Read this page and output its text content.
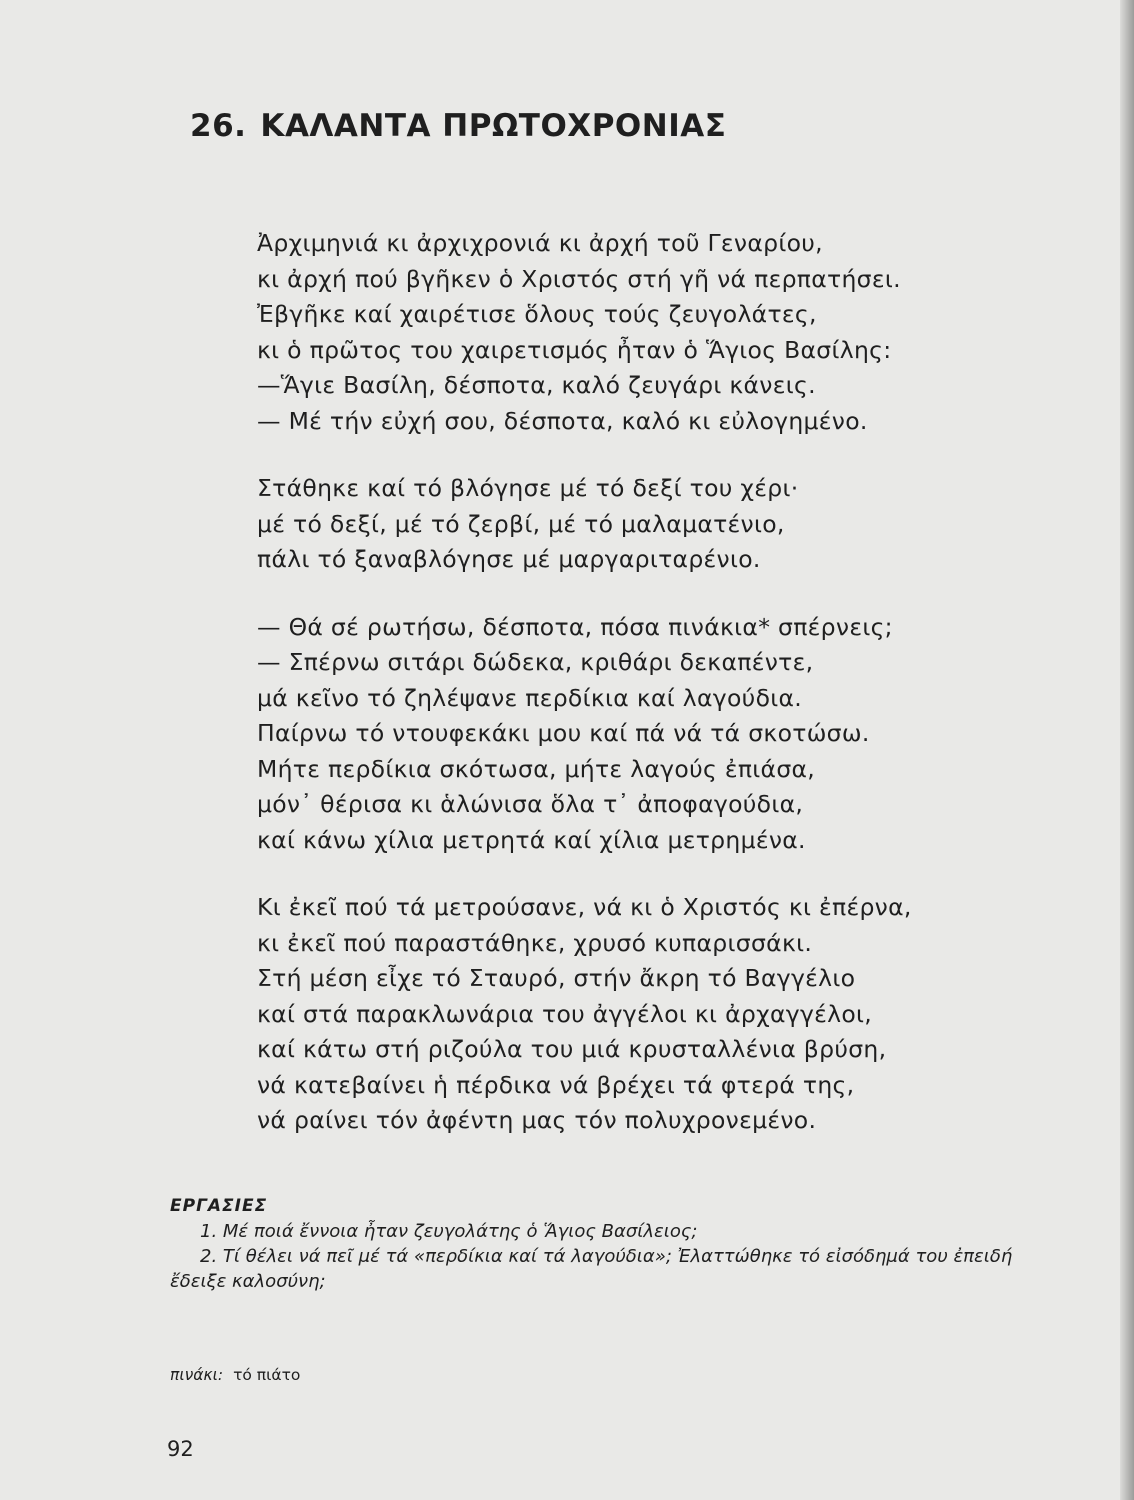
26. ΚΑΛΑΝΤΑ ΠΡΩΤΟΧΡΟΝΙΑΣ
Ἀρχιμηνιά κι ἀρχιχρονιά κι ἀρχή τοῦ Γεναρίου,
κι ἀρχή πού βγῆκεν ὁ Χριστός στή γῆ νά περπατήσει.
Ἐβγῆκε καί χαιρέτισε ὅλους τούς ζευγολάτες,
κι ὁ πρῶτος του χαιρετισμός ἦταν ὁ Ἅγιος Βασίλης:
—Ἅγιε Βασίλη, δέσποτα, καλό ζευγάρι κάνεις.
— Μέ τήν εὐχή σου, δέσποτα, καλό κι εὐλογημένο.
Στάθηκε καί τό βλόγησε μέ τό δεξί του χέρι·
μέ τό δεξί, μέ τό ζερβί, μέ τό μαλαματένιο,
πάλι τό ξαναβλόγησε μέ μαργαριταρένιο.
— Θά σέ ρωτήσω, δέσποτα, πόσα πινάκια* σπέρνεις;
— Σπέρνω σιτάρι δώδεκα, κριθάρι δεκαπέντε,
μά κεῖνο τό ζηλέψανε περδίκια καί λαγούδια.
Παίρνω τό ντουφεκάκι μου καί πά νά τά σκοτώσω.
Μήτε περδίκια σκότωσα, μήτε λαγούς ἐπιάσα,
μόν᾿ θέρισα κι ἁλώνισα ὅλα τ᾿ ἀποφαγούδια,
καί κάνω χίλια μετρητά καί χίλια μετρημένα.
Κι ἐκεῖ πού τά μετρούσανε, νά κι ὁ Χριστός κι ἐπέρνα,
κι ἐκεῖ πού παραστάθηκε, χρυσό κυπαρισσάκι.
Στή μέση εἶχε τό Σταυρό, στήν ἄκρη τό Βαγγέλιο
καί στά παρακλωνάρια του ἀγγέλοι κι ἀρχαγγέλοι,
καί κάτω στή ριζούλα του μιά κρυσταλλένια βρύση,
νά κατεβαίνει ἡ πέρδικα νά βρέχει τά φτερά της,
νά ραίνει τόν ἀφέντη μας τόν πολυχρονεμένο.
ΕΡΓΑΣΙΕΣ
1. Μέ ποιά ἔννοια ἦταν ζευγολάτης ὁ Ἅγιος Βασίλειος;
2. Τί θέλει νά πεῖ μέ τά «περδίκια καί τά λαγούδια»; Ἐλαττώθηκε τό εἰσόδημά του ἐπειδή ἔδειξε καλοσύνη;
πινάκι: τό πιάτο
92
